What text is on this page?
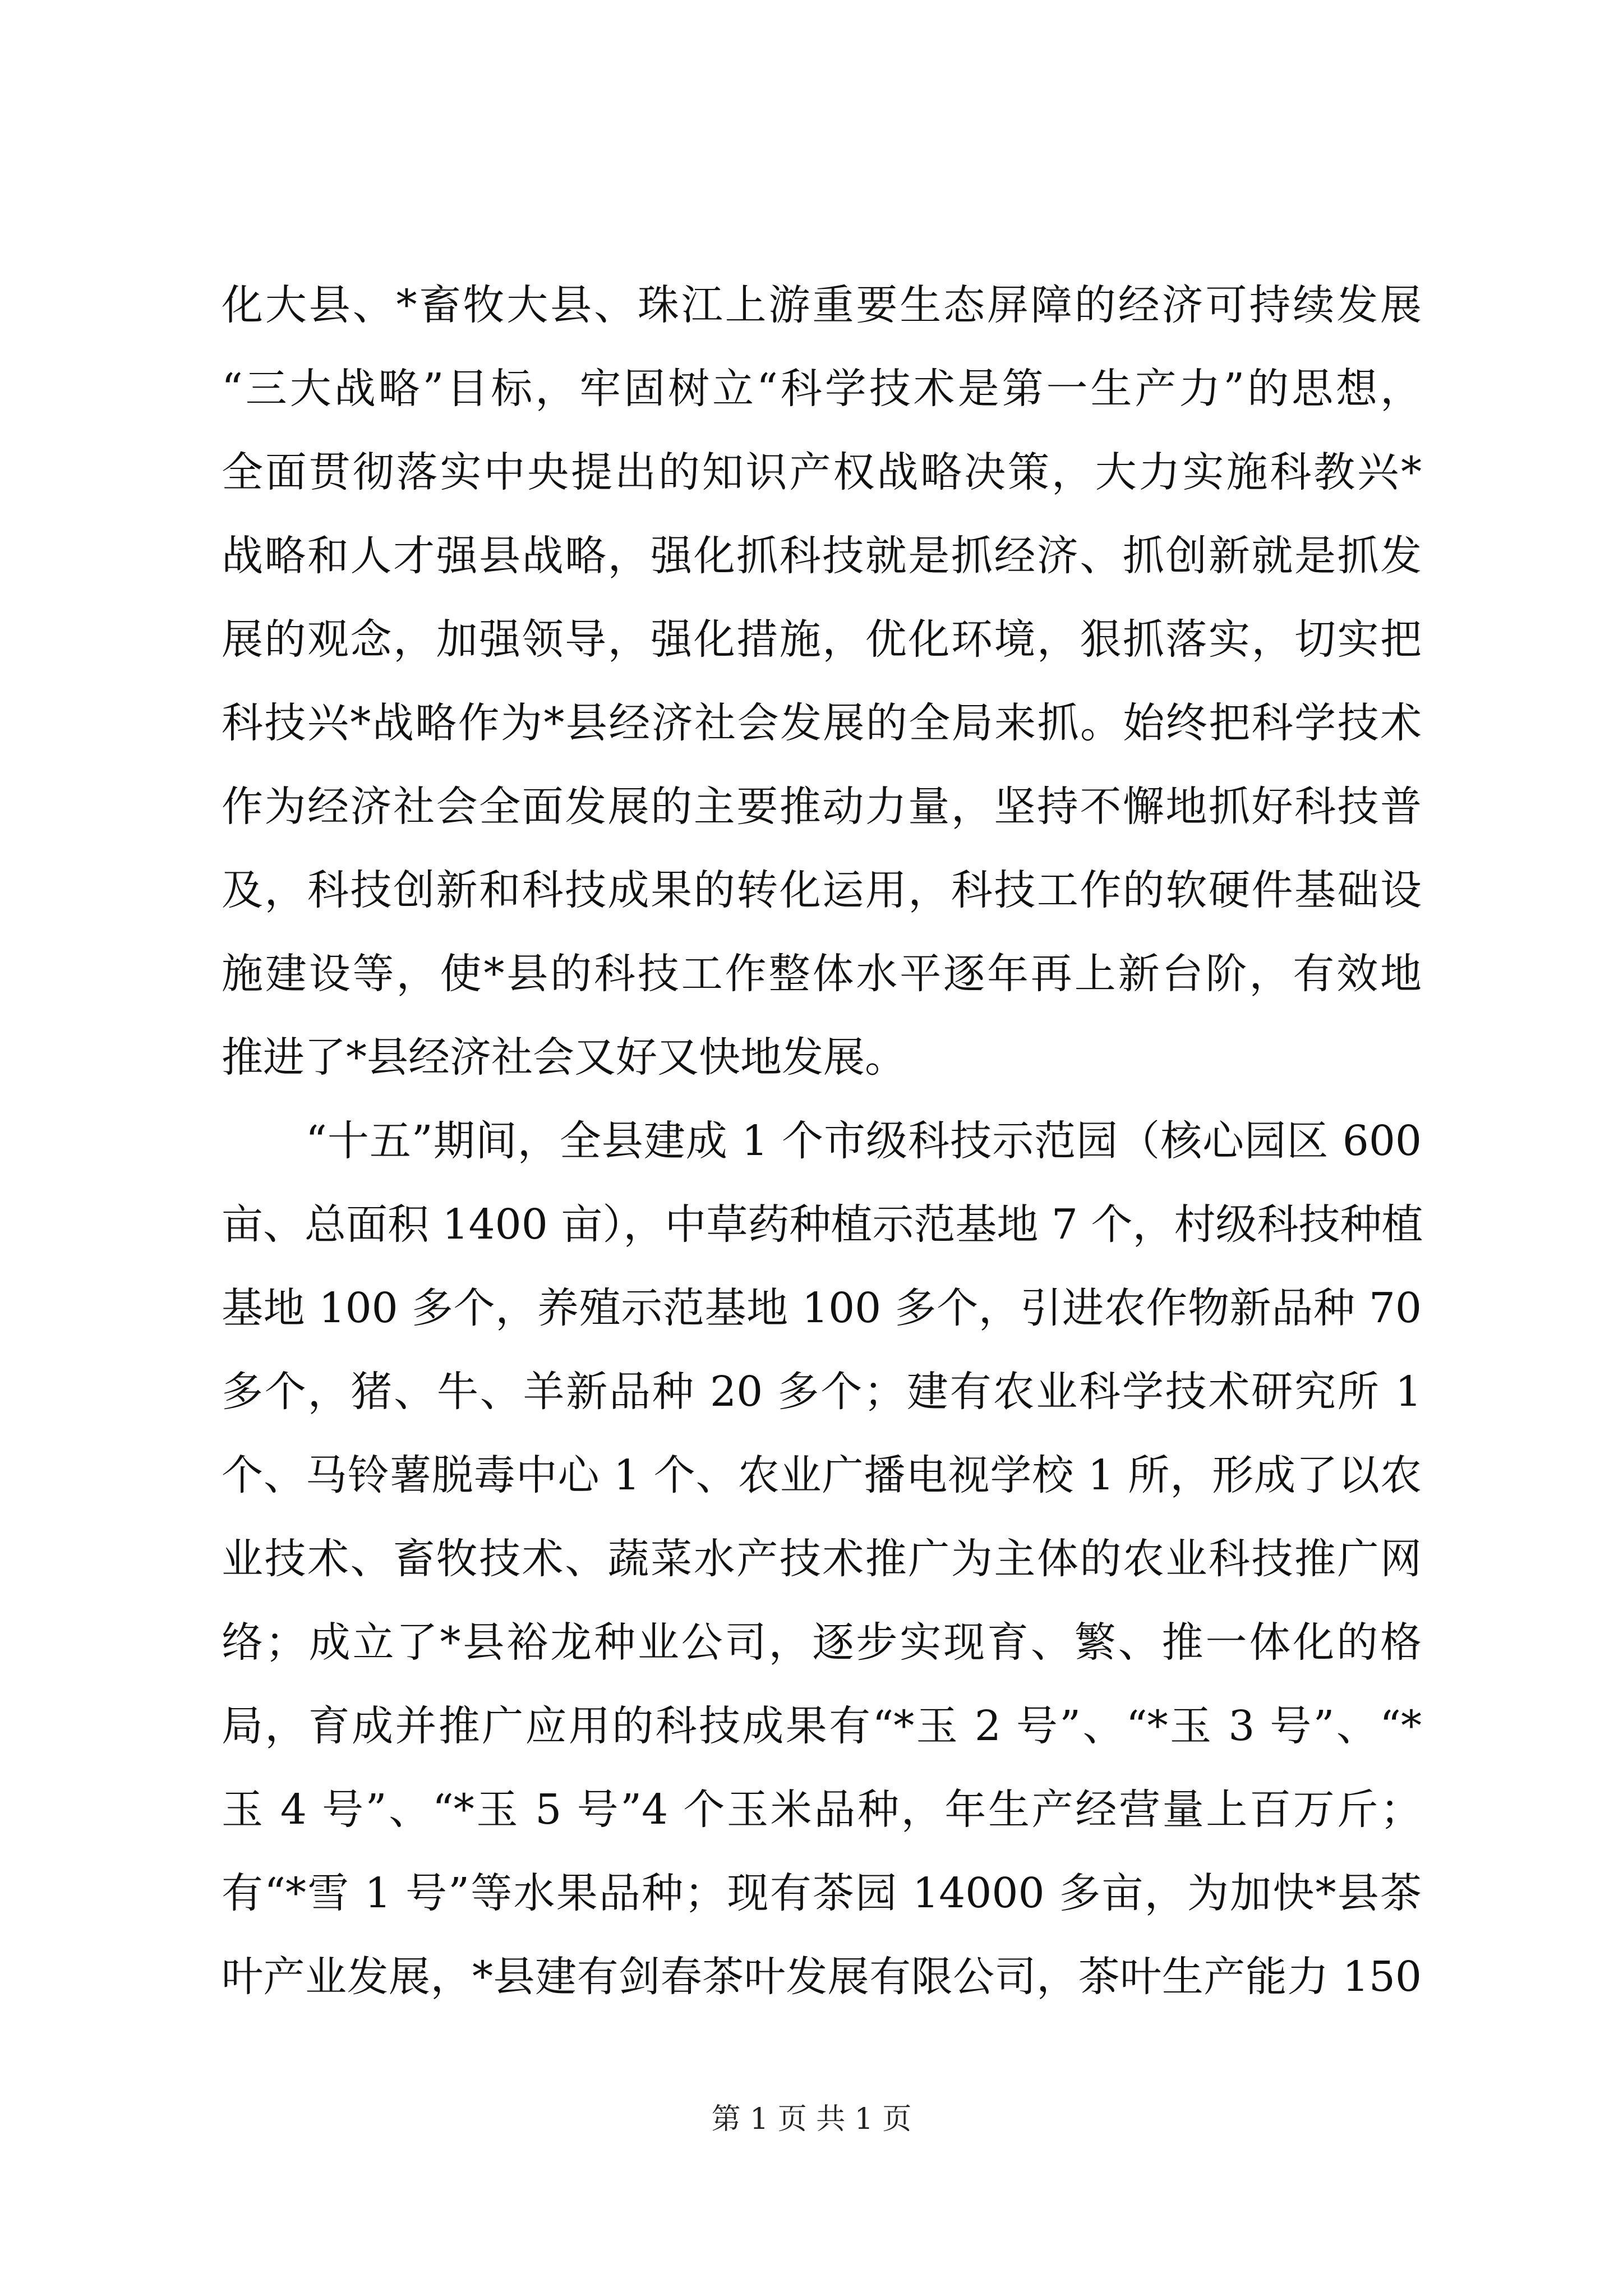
化大县、*畜牧大县、珠江上游重要生态屏障的经济可持续发展
“三大战略”目标，牢固树立“科学技术是第一生产力”的思想，
全面贯彻落实中央提出的知识产权战略决策，大力实施科教兴*
战略和人才强县战略，强化抓科技就是抓经济、抓创新就是抓发
展的观念，加强领导，强化措施，优化环境，狠抓落实，切实把
科技兴*战略作为*县经济社会发展的全局来抓。始终把科学技术
作为经济社会全面发展的主要推动力量，坚持不懈地抓好科技普
及，科技创新和科技成果的转化运用，科技工作的软硬件基础设
施建设等，使*县的科技工作整体水平逐年再上新台阶，有效地
推进了*县经济社会又好又快地发展。
　　“十五”期间，全县建成 1 个市级科技示范园（核心园区 600
亩、总面积 1400 亩），中草药种植示范基地 7 个，村级科技种植
基地 100 多个，养殖示范基地 100 多个，引进农作物新品种 70
多个，猪、牛、羊新品种 20 多个；建有农业科学技术研究所 1
个、马铃薯脱毒中心 1 个、农业广播电视学校 1 所，形成了以农
业技术、畜牧技术、蔬菜水产技术推广为主体的农业科技推广网
络；成立了*县裕龙种业公司，逐步实现育、繁、推一体化的格
局，育成并推广应用的科技成果有“*玉 2 号”、“*玉 3 号”、“*
玉 4 号”、“*玉 5 号”4 个玉米品种，年生产经营量上百万斤；
有“*雪 1 号”等水果品种；现有茶园 14000 多亩，为加快*县茶
叶产业发展，*县建有剑春茶叶发展有限公司，茶叶生产能力 150
第 1 页 共 1 页
